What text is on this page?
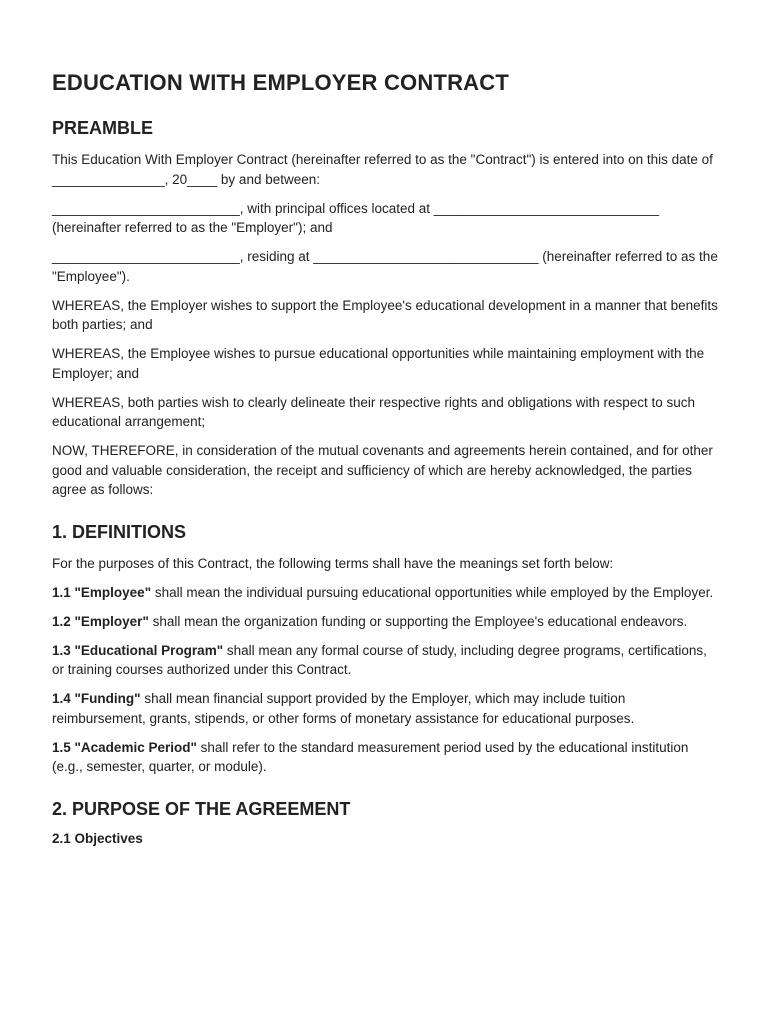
EDUCATION WITH EMPLOYER CONTRACT
PREAMBLE

This Education With Employer Contract (hereinafter referred to as the "Contract") is entered into on this date of _______________, 20____ by and between:

_________________________, with principal offices located at ______________________________ (hereinafter referred to as the "Employer"); and

_________________________, residing at ______________________________ (hereinafter referred to as the "Employee").

WHEREAS, the Employer wishes to support the Employee's educational development in a manner that benefits both parties; and

WHEREAS, the Employee wishes to pursue educational opportunities while maintaining employment with the Employer; and

WHEREAS, both parties wish to clearly delineate their respective rights and obligations with respect to such educational arrangement;

NOW, THEREFORE, in consideration of the mutual covenants and agreements herein contained, and for other good and valuable consideration, the receipt and sufficiency of which are hereby acknowledged, the parties agree as follows:

1. DEFINITIONS

For the purposes of this Contract, the following terms shall have the meanings set forth below:

1.1 "Employee" shall mean the individual pursuing educational opportunities while employed by the Employer.

1.2 "Employer" shall mean the organization funding or supporting the Employee's educational endeavors.

1.3 "Educational Program" shall mean any formal course of study, including degree programs, certifications, or training courses authorized under this Contract.

1.4 "Funding" shall mean financial support provided by the Employer, which may include tuition reimbursement, grants, stipends, or other forms of monetary assistance for educational purposes.

1.5 "Academic Period" shall refer to the standard measurement period used by the educational institution (e.g., semester, quarter, or module).

2. PURPOSE OF THE AGREEMENT
2.1 Objectives
